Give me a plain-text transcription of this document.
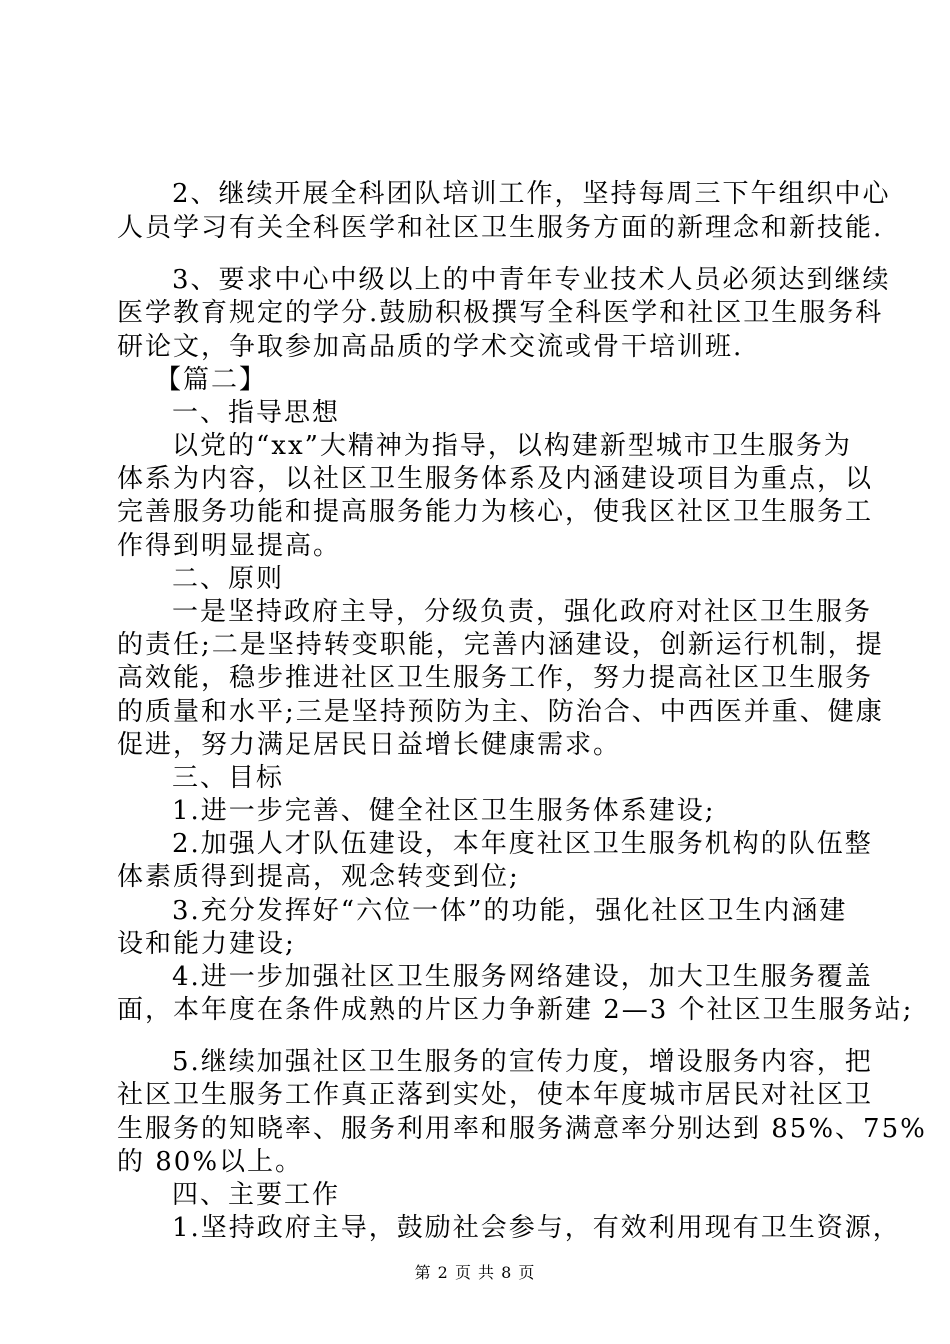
2、继续开展全科团队培训工作，坚持每周三下午组织中心
人员学习有关全科医学和社区卫生服务方面的新理念和新技能.
3、要求中心中级以上的中青年专业技术人员必须达到继续
医学教育规定的学分.鼓励积极撰写全科医学和社区卫生服务科
研论文，争取参加高品质的学术交流或骨干培训班.
【篇二】
一、指导思想
以党的“xx”大精神为指导，以构建新型城市卫生服务为
体系为内容，以社区卫生服务体系及内涵建设项目为重点，以
完善服务功能和提高服务能力为核心，使我区社区卫生服务工
作得到明显提高。
二、原则
一是坚持政府主导，分级负责，强化政府对社区卫生服务
的责任;二是坚持转变职能，完善内涵建设，创新运行机制，提
高效能，稳步推进社区卫生服务工作，努力提高社区卫生服务
的质量和水平;三是坚持预防为主、防治合、中西医并重、健康
促进，努力满足居民日益增长健康需求。
三、目标
1.进一步完善、健全社区卫生服务体系建设;
2.加强人才队伍建设，本年度社区卫生服务机构的队伍整
体素质得到提高，观念转变到位;
3.充分发挥好“六位一体”的功能，强化社区卫生内涵建
设和能力建设;
4.进一步加强社区卫生服务网络建设，加大卫生服务覆盖
面，本年度在条件成熟的片区力争新建 2—3 个社区卫生服务站;
5.继续加强社区卫生服务的宣传力度，增设服务内容，把
社区卫生服务工作真正落到实处，使本年度城市居民对社区卫
生服务的知晓率、服务利用率和服务满意率分别达到 85%、75%
的 80%以上。
四、主要工作
1.坚持政府主导，鼓励社会参与，有效利用现有卫生资源，
第 2 页 共 8 页
